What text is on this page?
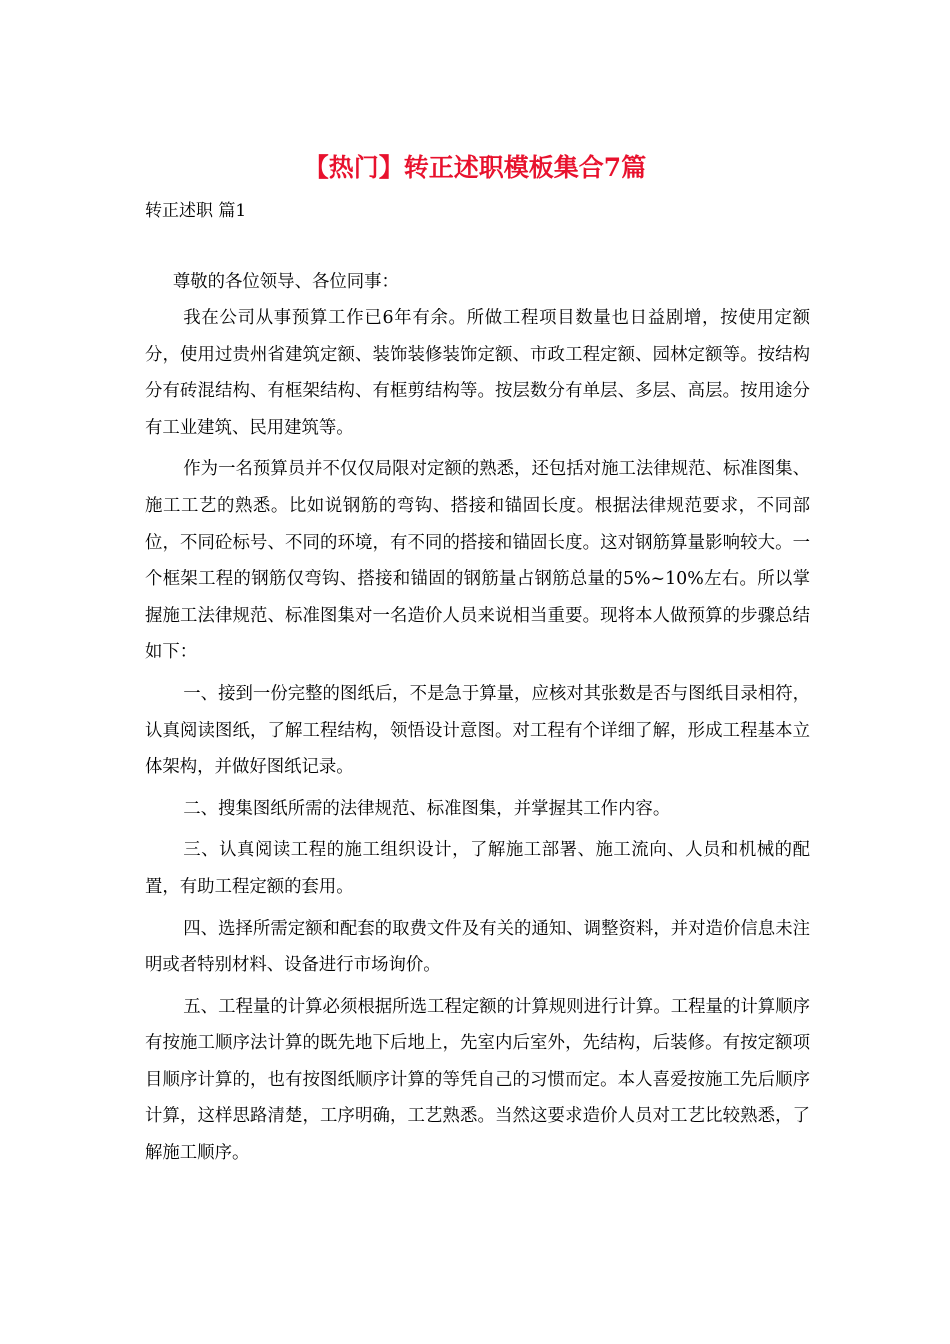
【热门】转正述职模板集合7篇

转正述职 篇1

尊敬的各位领导、各位同事：

我在公司从事预算工作已6年有余。所做工程项目数量也日益剧增，按使用定额分，使用过贵州省建筑定额、装饰装修装饰定额、市政工程定额、园林定额等。按结构分有砖混结构、有框架结构、有框剪结构等。按层数分有单层、多层、高层。按用途分有工业建筑、民用建筑等。

作为一名预算员并不仅仅局限对定额的熟悉，还包括对施工法律规范、标准图集、施工工艺的熟悉。比如说钢筋的弯钩、搭接和锚固长度。根据法律规范要求，不同部位，不同砼标号、不同的环境，有不同的搭接和锚固长度。这对钢筋算量影响较大。一个框架工程的钢筋仅弯钩、搭接和锚固的钢筋量占钢筋总量的5%~10%左右。所以掌握施工法律规范、标准图集对一名造价人员来说相当重要。现将本人做预算的步骤总结如下：

一、接到一份完整的图纸后，不是急于算量，应核对其张数是否与图纸目录相符，认真阅读图纸，了解工程结构，领悟设计意图。对工程有个详细了解，形成工程基本立体架构，并做好图纸记录。

二、搜集图纸所需的法律规范、标准图集，并掌握其工作内容。

三、认真阅读工程的施工组织设计，了解施工部署、施工流向、人员和机械的配置，有助工程定额的套用。

四、选择所需定额和配套的取费文件及有关的通知、调整资料，并对造价信息未注明或者特别材料、设备进行市场询价。

五、工程量的计算必须根据所选工程定额的计算规则进行计算。工程量的计算顺序有按施工顺序法计算的既先地下后地上，先室内后室外，先结构，后装修。有按定额项目顺序计算的，也有按图纸顺序计算的等凭自己的习惯而定。本人喜爱按施工先后顺序计算，这样思路清楚，工序明确，工艺熟悉。当然这要求造价人员对工艺比较熟悉，了解施工顺序。
